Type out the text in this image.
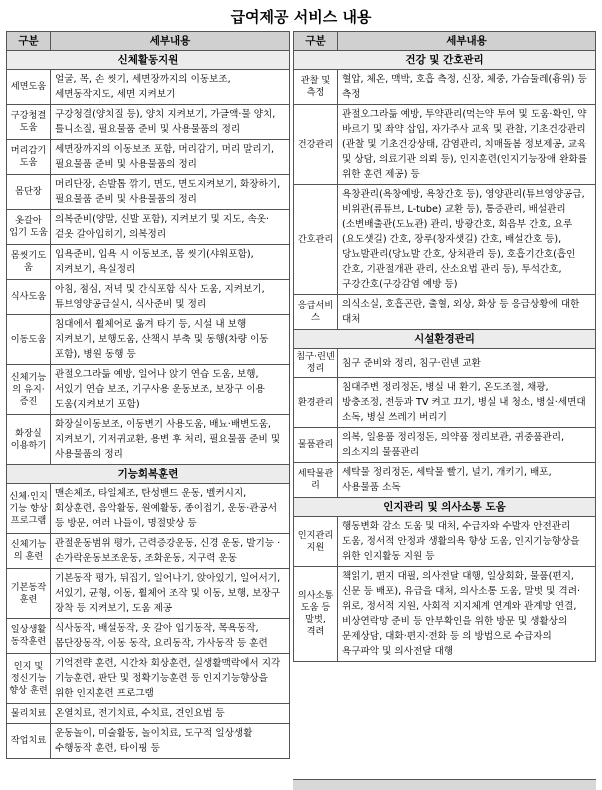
급여제공 서비스 내용
구분	세부내용
신체활동지원	
세면도움	얼굴, 목, 손 씻기, 세면장까지의 이동보조, 세면동작지도, 세면 지켜보기
구강청결 도움	구강청결(양치질 등), 양치 지켜보기, 가글액·물 양치, 틀니소질, 필요물품 준비 및 사용물품의 정리
머리감기 도움	세면장까지의 이동보조 포함, 머리감기, 머리 말리기, 필요물품 준비 및 사용물품의 정리
몸단장	머리단장, 손발톱 깎기, 면도, 면도지켜보기, 화장하기, 필요물품 준비 및 사용물품의 정리
옷갈아 입기 도움	의복준비(양말, 신발 포함), 지켜보기 및 지도, 속옷·겉옷 갈아입히기, 의복정리
몸씻기도움	입욕준비, 입욕 시 이동보조, 몸 씻기(샤워포함), 지켜보기, 욕실정리
식사도움	아침, 점심, 저녁 및 간식포함 식사 도움, 지켜보기, 튜브영양공급실시, 식사준비 및 정리
이동도움	침대에서 휠체어로 옮겨 타기 등, 시설 내 보행 지켜보기, 보행도움, 산책시 부축 및 동행(차량 이동 포함), 병원 동행 등
신체기능의 유지·증진	관절오그라듦 예방, 일어나 앉기 연습 도움, 보행, 서있기 연습 보조, 기구사용 운동보조, 보장구 이용 도움(지켜보기 포함)
화장실 이용하기	화장실이동보조, 이동변기 사용도움, 배뇨·배변도움, 지켜보기, 기저귀교환, 용변 후 처리, 필요물품 준비 및 사용물품의 정리
기능회복훈련	
신체·인지 기능 향상 프로그램	맨손체조, 타일체조, 탄성밴드 운동, 벨커시지, 회상훈련, 음악활동, 원예활동, 종이접기, 운동·관공서 등 방문, 여러 나들이, 명절맞상 등
신체기능의 훈련	관절운동범위 평가, 근력증강운동, 신경 운동, 발기능 · 손가락운동보조운동, 조화운동, 지구력 운동
기본동작 훈련	기본동작 평가, 뒤집기, 일어나기, 앉아있기, 일어서기, 서있기, 균형, 이동, 휠체어 조작 및 이동, 보행, 보장구 장착 등 지켜보기, 도움 제공
일상생활 동작훈련	식사동작, 배설동작, 옷 갈아 입기동작, 목욕동작, 몸단장동작, 이동 동작, 요리동작, 가사동작 등 훈련
인지 및 정신기능 향상 훈련	기억전략 훈련, 시간차 회상훈련, 실생활맥락에서 지각 기능훈련, 판단 및 정확기능훈련 등 인지기능향상을 위한 인지훈련 프로그램
물리치료	온열치료, 전기치료, 수치료, 견인요법 등
작업치료	운동놀이, 미술활동, 놀이치료, 도구적 일상생활 수행동작 훈련, 타이핑 등
구분	세부내용
건강 및 간호관리	
관찰 및 측정	혈압, 체온, 맥박, 호흡 측정, 신장, 체중, 가슴둘레(흉위) 등 측정
건강관리	관절오그라듦 예방, 투약관리(먹는약 투여 및 도움·확인, 약 바르기 및 좌약 삽입, 자가주사 교육 및 관찰, 기초건강관리(관찰 및 기초건강상태, 감염관리, 치매돌봄 정보제공, 교육 및 상담, 의료기관 의뢰 등), 인지훈련(인지기능장애 완화를 위한 훈련 제공) 등
간호관리	욕창관리(욕창예방, 욕창간호 등), 영양관리(튜브영양공급, 비위관(류튜브, L-tube) 교환 등), 통증관리, 배설관리(소변배출관(도뇨관) 관리, 방광간호, 회음부 간호, 요루(요도샛길) 간호, 장루(창자샛길) 간호, 배설간호 등), 당뇨발관리(당뇨발 간호, 상처관리 등), 호흡기간호(흡인 간호, 기관절개관 관리, 산소요법 관리 등), 투석간호, 구강간호(구강감염 예방 등)
응급서비스	의식소실, 호흡곤란, 출혈, 외상, 화상 등 응급상황에 대한 대처
시설환경관리	
침구·린넨 정리	침구 준비와 정리, 침구·린넨 교환
환경관리	침대주변 정리정돈, 병실 내 환기, 온도조절, 채광, 방충조정, 전등과 TV 켜고 끄기, 병실 내 청소, 병실·세면대 소독, 병실 쓰레기 버리기
물품관리	의복, 일용품 정리정돈, 의약품 정리보관, 귀중품관리, 의소지의 물품관리
세탁물관리	세탁물 정리정돈, 세탁물 빨기, 널기, 개키기, 배포, 사용물품 소독
인지관리 및 의사소통 도움	
인지관리지원	행동변화 감소 도움 및 대처, 수급자와 수발자 안전관리 도움, 정서적 안정과 생활의욕 향상 도움, 인지기능향상을 위한 인지활동 지원 등
의사소통 도움 등 말벗, 격려	책읽기, 편지 대필, 의사전달 대행, 일상회화, 물품(편지, 신문 등 배포), 유급을 대처, 의사소통 도움, 말벗 및 격려·위로, 정서적 지원, 사회적 지지체계 연계와 관계망 연결, 비상연락망 준비 등 안부확인을 위한 방문 및 생활상의 문제상담, 대화·편지·전화 등 의 방법으로 수급자의 욕구파악 및 의사전달 대행
